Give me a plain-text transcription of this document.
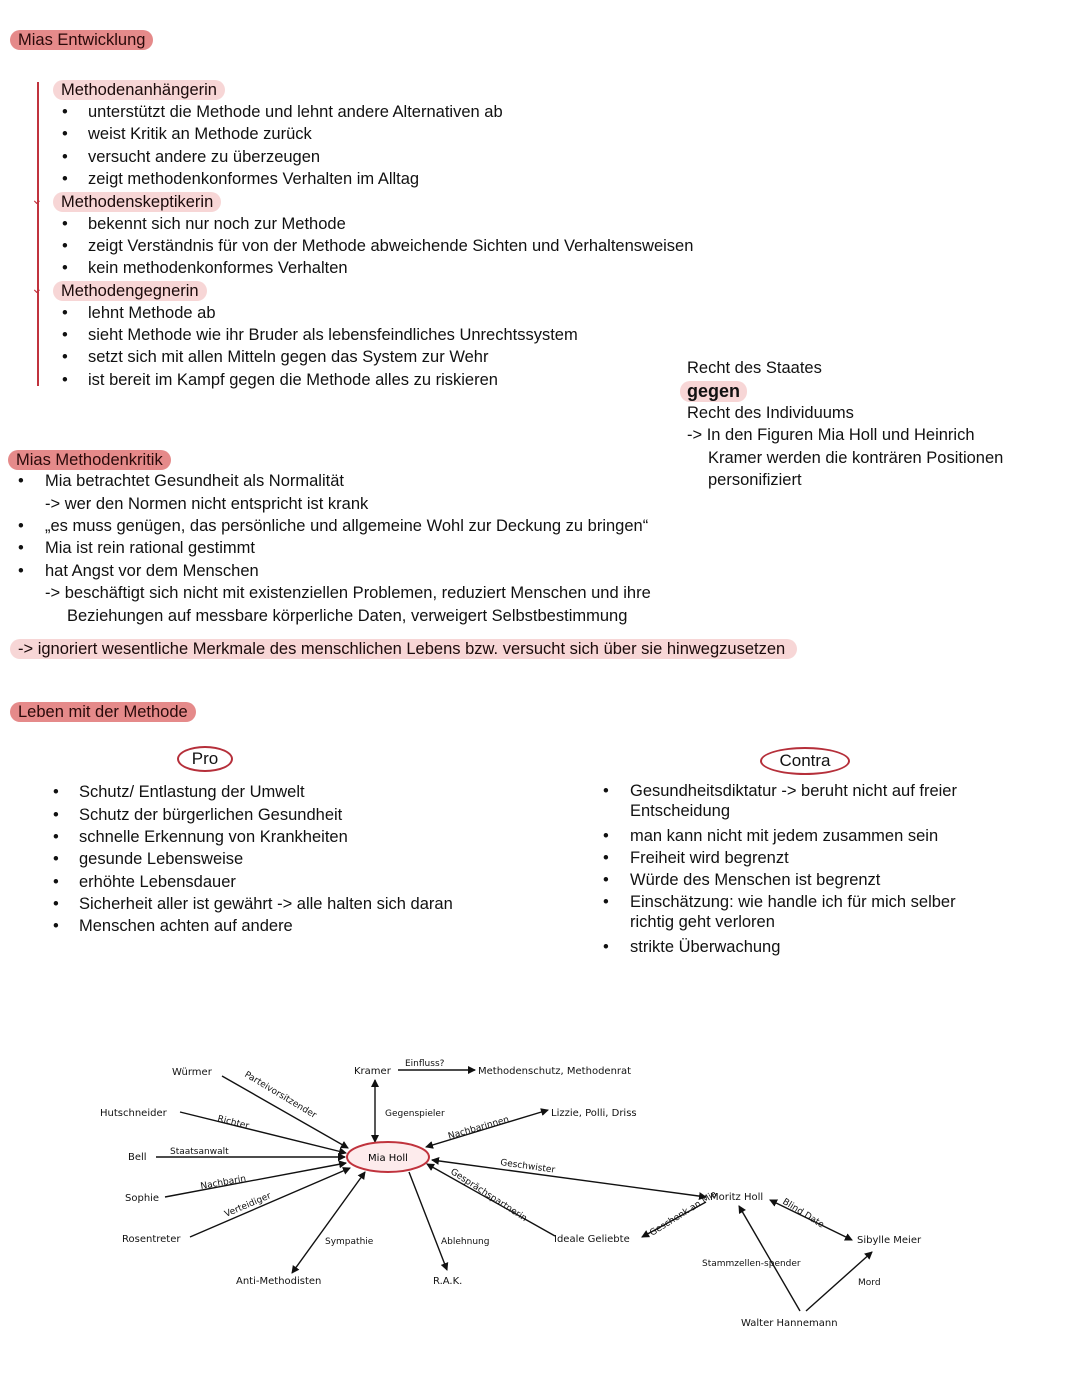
Mias Entwicklung
⌄
⌄
Methodenanhängerin
• unterstützt die Methode und lehnt andere Alternativen ab
• weist Kritik an Methode zurück
• versucht andere zu überzeugen
• zeigt methodenkonformes Verhalten im Alltag
Methodenskeptikerin
• bekennt sich nur noch zur Methode
• zeigt Verständnis für von der Methode abweichende Sichten und Verhaltensweisen
• kein methodenkonformes Verhalten
Methodengegnerin
• lehnt Methode ab
• sieht Methode wie ihr Bruder als lebensfeindliches Unrechtssystem
• setzt sich mit allen Mitteln gegen das System zur Wehr
• ist bereit im Kampf gegen die Methode alles zu riskieren
Recht des Staates
gegen
Recht des Individuums
-> In den Figuren Mia Holl und Heinrich
Kramer werden die konträren Positionen
personifiziert
Mias Methodenkritik
• Mia betrachtet Gesundheit als Normalität
-> wer den Normen nicht entspricht ist krank
• „es muss genügen, das persönliche und allgemeine Wohl zur Deckung zu bringen“
• Mia ist rein rational gestimmt
• hat Angst vor dem Menschen
-> beschäftigt sich nicht mit existenziellen Problemen, reduziert Menschen und ihre
Beziehungen auf messbare körperliche Daten, verweigert Selbstbestimmung
-> ignoriert wesentliche Merkmale des menschlichen Lebens bzw. versucht sich über sie hinwegzusetzen
Leben mit der Methode
Pro	Contra
• Schutz/ Entlastung der Umwelt
• Schutz der bürgerlichen Gesundheit
• schnelle Erkennung von Krankheiten
• gesunde Lebensweise
• erhöhte Lebensdauer
• Sicherheit aller ist gewährt -> alle halten sich daran
• Menschen achten auf andere
• Gesundheitsdiktatur -> beruht nicht auf freier Entscheidung
• man kann nicht mit jedem zusammen sein
• Freiheit wird begrenzt
• Würde des Menschen ist begrenzt
• Einschätzung: wie handle ich für mich selber richtig geht verloren
• strikte Überwachung
Mia Holl
Würmer
Hutschneider
Bell
Sophie
Rosentreter
Anti-Methodisten	R.A.K.
Kramer	Methodenschutz, Methodenrat
Lizzie, Polli, Driss
Ideale Geliebte
Moritz Holl
Sibylle Meier
Walter Hannemann
Parteivorsitzender
Richter
Staatsanwalt
Nachbarin
Verteidiger
Sympathie	Ablehnung
Einfluss?
Gegenspieler
Nachbarinnen
Geschwister
Gesprächspartnerin	Geschenk an Mia	Blind Date
Stammzellen-spender
Mord
